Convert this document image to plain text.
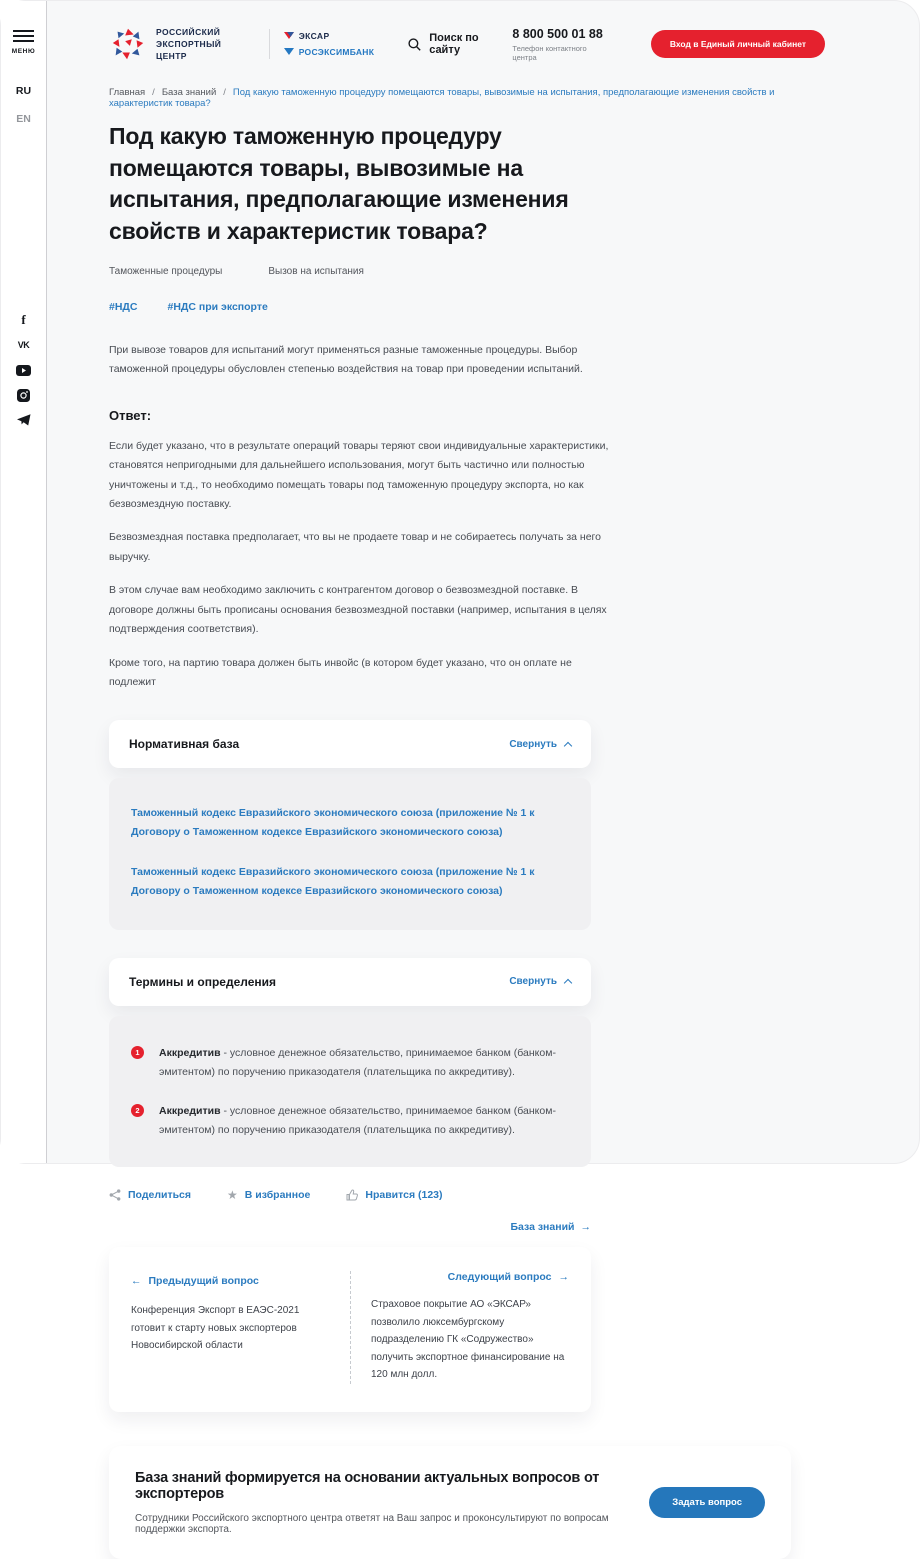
МЕНЮ
RU
EN
f
VK
РОССИЙСКИЙ
ЭКСПОРТНЫЙ ЦЕНТР
ЭКСАР
РОСЭКСИМБАНК
Поиск по сайту
8 800 500 01 88
Телефон контактного центра
Вход в Единый личный кабинет
Главная / База знаний / Под какую таможенную процедуру помещаются товары, вывозимые на испытания, предполагающие изменения свойств и характеристик товара?
Под какую таможенную процедуру помещаются товары, вывозимые на испытания, предполагающие изменения свойств и характеристик товара?
Таможенные процедуры	Вызов на испытания
#НДС	#НДС при экспорте

При вывозе товаров для испытаний могут применяться разные таможенные процедуры. Выбор таможенной процедуры обусловлен степенью воздействия на товар при проведении испытаний.

Ответ:

Если будет указано, что в результате операций товары теряют свои индивидуальные характеристики, становятся непригодными для дальнейшего использования, могут быть частично или полностью уничтожены и т.д., то необходимо помещать товары под таможенную процедуру экспорта, но как безвозмездную поставку.

Безвозмездная поставка предполагает, что вы не продаете товар и не собираетесь получать за него выручку.

В этом случае вам необходимо заключить с контрагентом договор о безвозмездной поставке. В договоре должны быть прописаны основания безвозмездной поставки (например, испытания в целях подтверждения соответствия).

Кроме того, на партию товара должен быть инвойс (в котором будет указано, что он оплате не подлежит

Нормативная база	Свернуть
Таможенный кодекс Евразийского экономического союза (приложение № 1 к Договору о Таможенном кодексе Евразийского экономического союза)
Таможенный кодекс Евразийского экономического союза (приложение № 1 к Договору о Таможенном кодексе Евразийского экономического союза)
Термины и определения	Свернуть
1	Аккредитив - условное денежное обязательство, принимаемое банком (банком-эмитентом) по поручению приказодателя (плательщика по аккредитиву).
2	Аккредитив - условное денежное обязательство, принимаемое банком (банком-эмитентом) по поручению приказодателя (плательщика по аккредитиву).
Поделиться	★ В избранное	Нравится (123)
База знаний →
← Предыдущий вопрос
Конференция Экспорт в ЕАЭС-2021 готовит к старту новых экспортеров Новосибирской области
Следующий вопрос →
Страховое покрытие АО «ЭКСАР» позволило люксембургскому подразделению ГК «Содружество» получить экспортное финансирование на 120 млн долл.
База знаний формируется на основании актуальных вопросов от экспортеров
Сотрудники Российского экспортного центра ответят на Ваш запрос и проконсультируют по вопросам поддержки экспорта.
Задать вопрос
